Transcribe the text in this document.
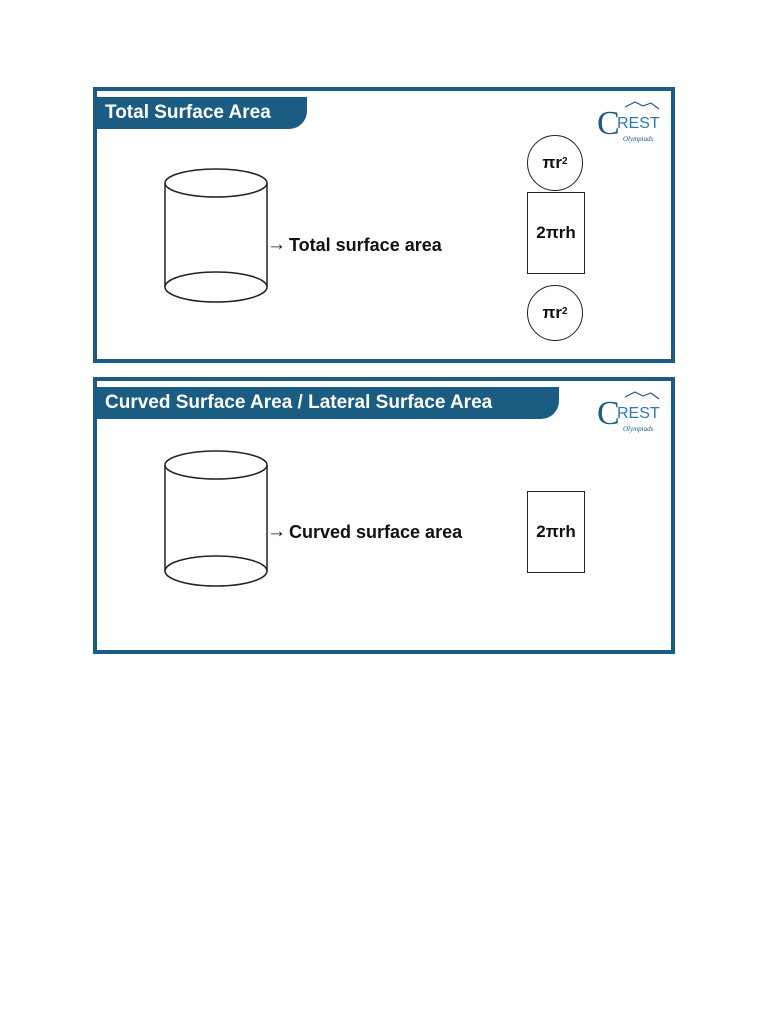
Total Surface Area	C
REST
Olympiads
→ Total surface area
$\pi r^2$
2πrh
$\pi r^2$
Curved Surface Area / Lateral Surface Area	C
REST
Olympiads
→ Curved surface area	2πrh
